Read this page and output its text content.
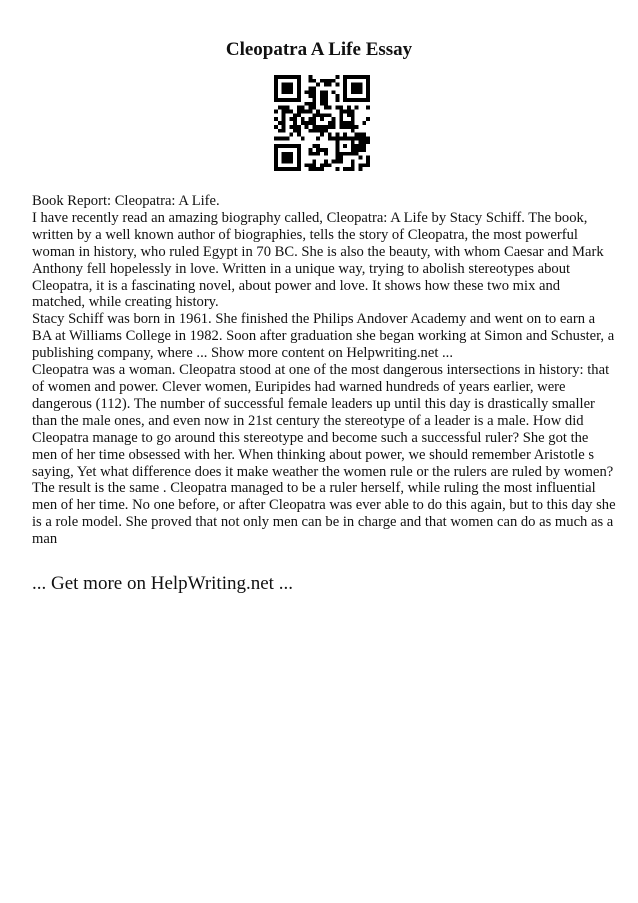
Cleopatra A Life Essay

Book Report: Cleopatra: A Life.

I have recently read an amazing biography called, Cleopatra: A Life by Stacy Schiff. The book, written by a well known author of biographies, tells the story of Cleopatra, the most powerful woman in history, who ruled Egypt in 70 BC. She is also the beauty, with whom Caesar and Mark Anthony fell hopelessly in love. Written in a unique way, trying to abolish stereotypes about Cleopatra, it is a fascinating novel, about power and love. It shows how these two mix and matched, while creating history.

Stacy Schiff was born in 1961. She finished the Philips Andover Academy and went on to earn a BA at Williams College in 1982. Soon after graduation she began working at Simon and Schuster, a publishing company, where ... Show more content on Helpwriting.net ...

Cleopatra was a woman. Cleopatra stood at one of the most dangerous intersections in history: that of women and power. Clever women, Euripides had warned hundreds of years earlier, were dangerous (112). The number of successful female leaders up until this day is drastically smaller than the male ones, and even now in 21st century the stereotype of a leader is a male. How did Cleopatra manage to go around this stereotype and become such a successful ruler? She got the men of her time obsessed with her. When thinking about power, we should remember Aristotle s saying, Yet what difference does it make weather the women rule or the rulers are ruled by women? The result is the same . Cleopatra managed to be a ruler herself, while ruling the most influential men of her time. No one before, or after Cleopatra was ever able to do this again, but to this day she is a role model. She proved that not only men can be in charge and that women can do as much as a man

... Get more on HelpWriting.net ...
